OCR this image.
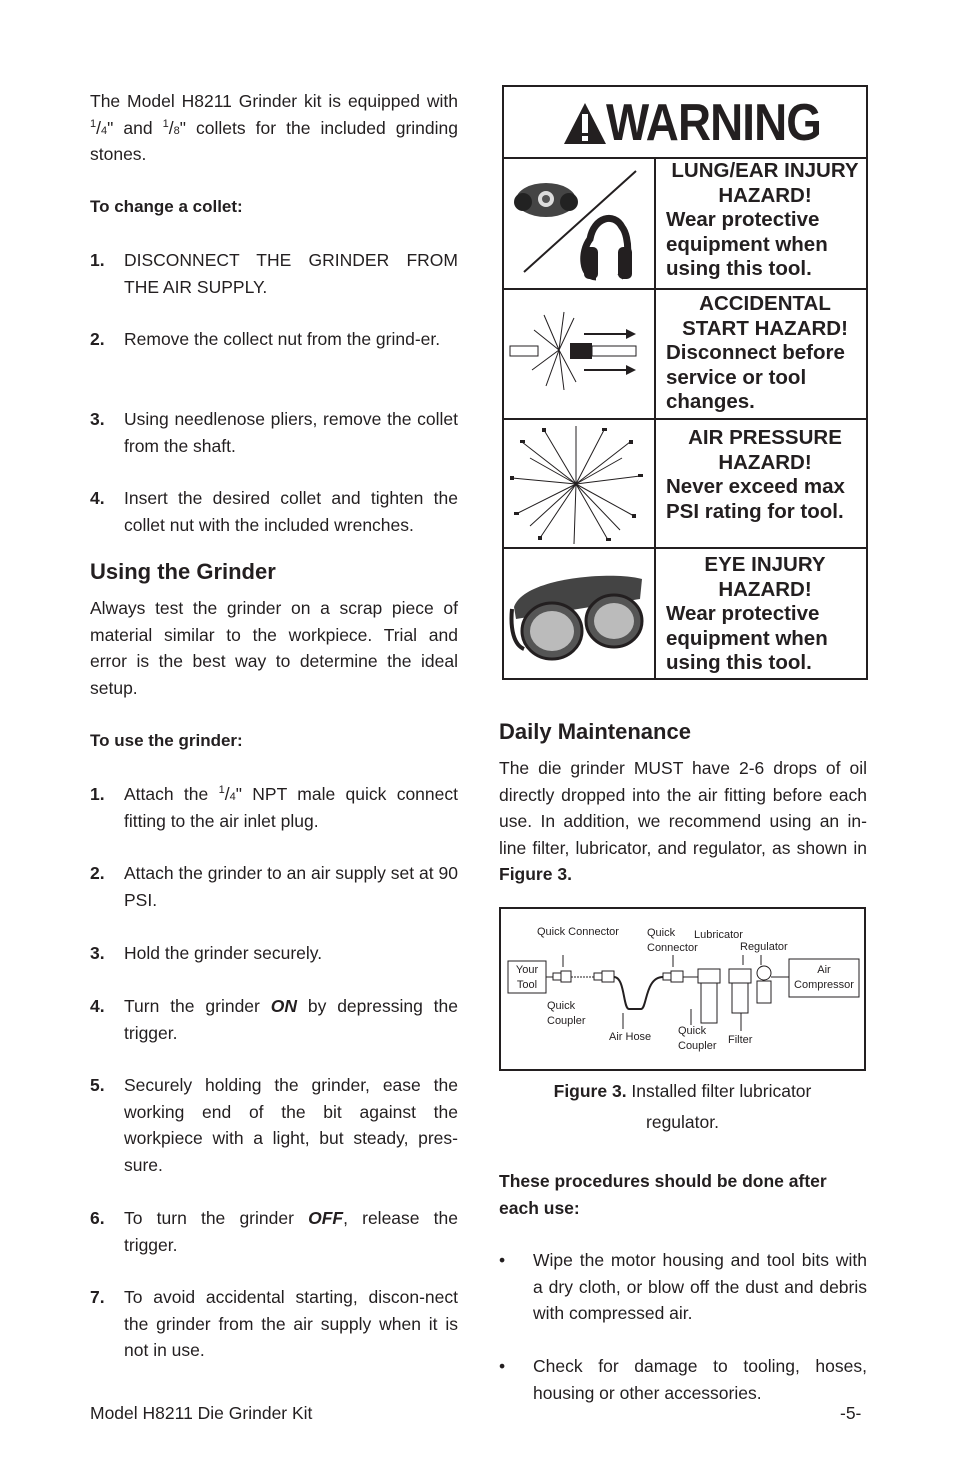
The Model H8211 Grinder kit is equipped with $^1$/4" and $^1$/8" collets for the included grinding stones.
To change a collet:
1. DISCONNECT THE GRINDER FROM THE AIR SUPPLY.
2. Remove the collect nut from the grind-er.
3. Using needlenose pliers, remove the collet from the shaft.
4. Insert the desired collet and tighten the collet nut with the included wrenches.
Using the Grinder
Always test the grinder on a scrap piece of material similar to the workpiece. Trial and error is the best way to determine the ideal setup.
To use the grinder:
1. Attach the $^1$/4" NPT male quick connect fitting to the air inlet plug.
2. Attach the grinder to an air supply set at 90 PSI.
3. Hold the grinder securely.
4. Turn the grinder ON by depressing the trigger.
5. Securely holding the grinder, ease the working end of the bit against the workpiece with a light, but steady, pres-sure.
6. To turn the grinder OFF, release the trigger.
7. To avoid accidental starting, discon-nect the grinder from the air supply when it is not in use.
WARNING
LUNG/EAR INJURY HAZARD!
Wear protective equipment when using this tool.
ACCIDENTAL START HAZARD!
Disconnect before service or tool changes.
AIR PRESSURE HAZARD!
Never exceed max PSI rating for tool.
EYE INJURY HAZARD!
Wear protective equipment when using this tool.
Daily Maintenance
The die grinder MUST have 2-6 drops of oil directly dropped into the air fitting before each use. In addition, we recommend using an in-line filter, lubricator, and regulator, as shown in Figure 3.
Quick Connector	Quick Connector
Lubricator
Regulator
Your Tool
Air Compressor
Quick Coupler
Air Hose Quick Coupler	Filter
Figure 3. Installed filter lubricator regulator.
These procedures should be done after each use:
• Wipe the motor housing and tool bits with a dry cloth, or blow off the dust and debris with compressed air.
• Check for damage to tooling, hoses, housing or other accessories.
Model H8211 Die Grinder Kit	-5-
